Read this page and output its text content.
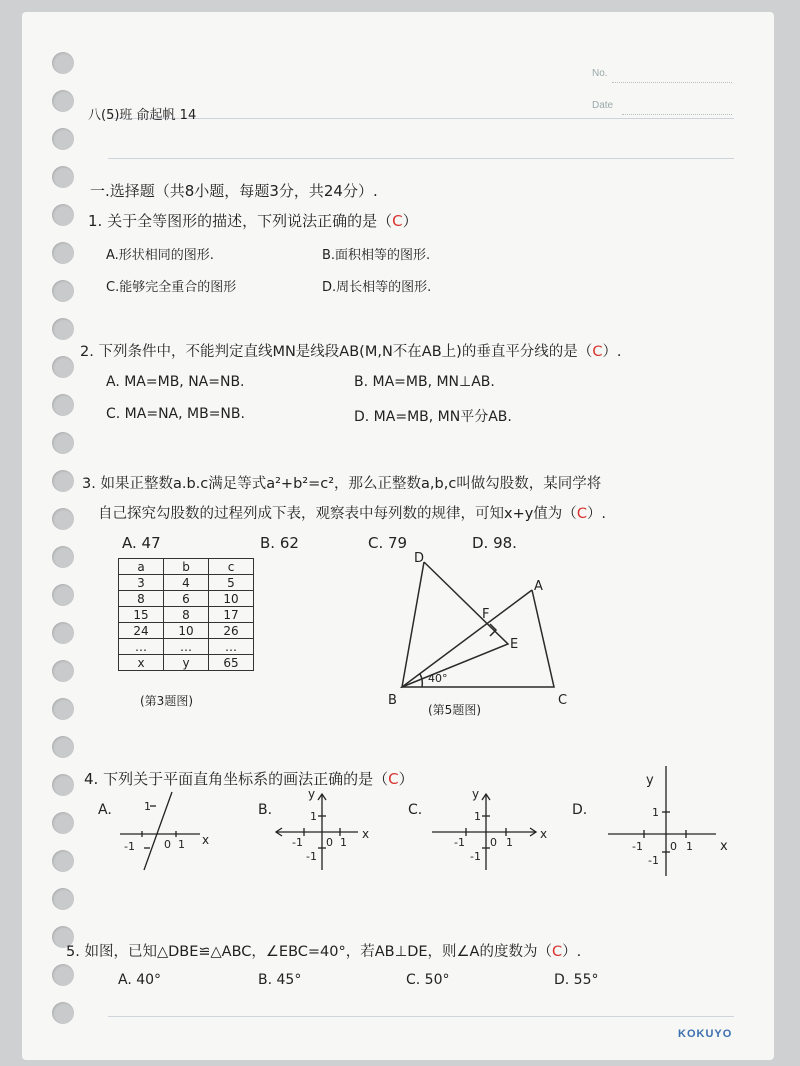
No.
Date
八(5)班 俞起帆 14
一.选择题（共8小题，每题3分，共24分）.
1. 关于全等图形的描述，下列说法正确的是（C）
A.形状相同的图形.	B.面积相等的图形.
C.能够完全重合的图形	D.周长相等的图形.
2. 下列条件中，不能判定直线MN是线段AB(M,N不在AB上)的垂直平分线的是（C）.
A. MA=MB, NA=NB.	B. MA=MB, MN⊥AB.
C. MA=NA, MB=NB.	D. MA=MB, MN平分AB.
3. 如果正整数a.b.c满足等式a²+b²=c²，那么正整数a,b,c叫做勾股数，某同学将
自己探究勾股数的过程列成下表，观察表中每列数的规律，可知x+y值为（C）.
A. 47	B. 62	C. 79	D. 98.
a	b	c
3	4	5
8	6	10
15	8	17
24	10	26
…	…	…
x	y	65
(第3题图)
D
A
F
E
B	C
40°
(第5题图)
4. 下列关于平面直角坐标系的画法正确的是（C）
A.	1
-1	0 1 x
B.
y
1
-1 0 1
-1
x
C.
y
1
-1 0 1
-1
x
D.
y
1
-1 0 1
-1
x
5. 如图，已知△DBE≌△ABC，∠EBC=40°，若AB⊥DE，则∠A的度数为（C）.
A. 40°	B. 45°	C. 50°	D. 55°
KOKUYO
